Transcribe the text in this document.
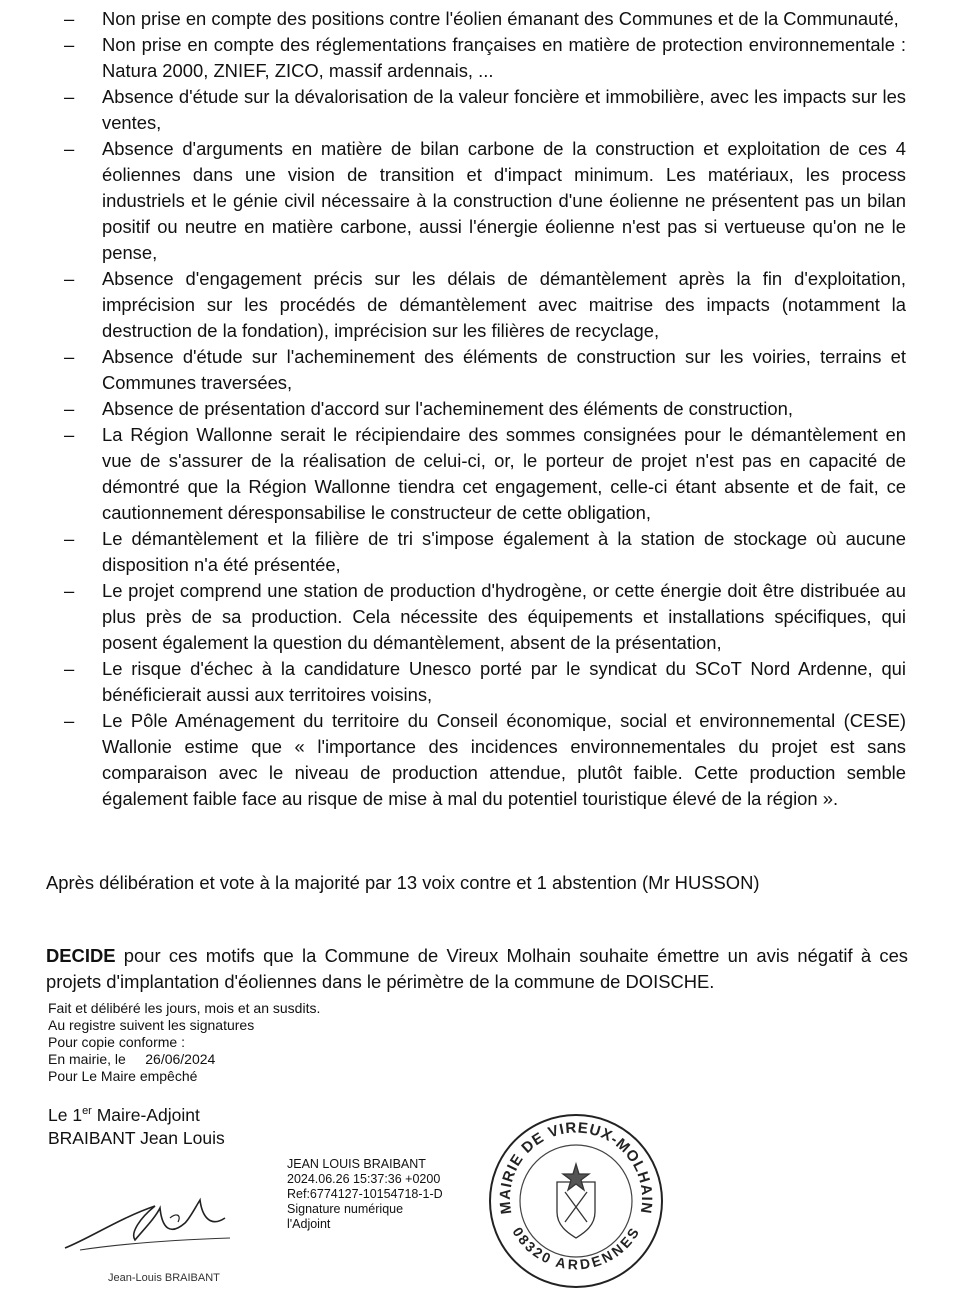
–	Non prise en compte des positions contre l'éolien émanant des Communes et de la Communauté,
–	Non prise en compte des réglementations françaises en matière de protection environnementale : Natura 2000, ZNIEF, ZICO, massif ardennais, ...
–	Absence d'étude sur la dévalorisation de la valeur foncière et immobilière, avec les impacts sur les ventes,
–	Absence d'arguments en matière de bilan carbone de la construction et exploitation de ces 4 éoliennes dans une vision de transition et d'impact minimum. Les matériaux, les process industriels et le génie civil nécessaire à la construction d'une éolienne ne présentent pas un bilan positif ou neutre en matière carbone, aussi l'énergie éolienne n'est pas si vertueuse qu'on ne le pense,
–	Absence d'engagement précis sur les délais de démantèlement après la fin d'exploitation, imprécision sur les procédés de démantèlement avec maitrise des impacts (notamment la destruction de la fondation), imprécision sur les filières de recyclage,
–	Absence d'étude sur l'acheminement des éléments de construction sur les voiries, terrains et Communes traversées,
–	Absence de présentation d'accord sur l'acheminement des éléments de construction,
–	La Région Wallonne serait le récipiendaire des sommes consignées pour le démantèlement en vue de s'assurer de la réalisation de celui-ci, or, le porteur de projet n'est pas en capacité de démontré que la Région Wallonne tiendra cet engagement, celle-ci étant absente et de fait, ce cautionnement déresponsabilise le constructeur de cette obligation,
–	Le démantèlement et la filière de tri s'impose également à la station de stockage où aucune disposition n'a été présentée,
–	Le projet comprend une station de production d'hydrogène, or cette énergie doit être distribuée au plus près de sa production. Cela nécessite des équipements et installations spécifiques, qui posent également la question du démantèlement, absent de la présentation,
–	Le risque d'échec à la candidature Unesco porté par le syndicat du SCoT Nord Ardenne, qui bénéficierait aussi aux territoires voisins,
–	Le Pôle Aménagement du territoire du Conseil économique, social et environnemental (CESE) Wallonie estime que « l'importance des incidences environnementales du projet est sans comparaison avec le niveau de production attendue, plutôt faible. Cette production semble également faible face au risque de mise à mal du potentiel touristique élevé de la région ».
Après délibération et vote à la majorité par 13 voix contre et 1 abstention (Mr HUSSON)

DECIDE pour ces motifs que la Commune de Vireux Molhain souhaite émettre un avis négatif à ces projets d'implantation d'éoliennes dans le périmètre de la commune de DOISCHE.

Fait et délibéré les jours, mois et an susdits.
Au registre suivent les signatures
Pour copie conforme :
En mairie, le     26/06/2024
Pour Le Maire empêché
Le 1er Maire-Adjoint
BRAIBANT Jean Louis
Jean-Louis BRAIBANT
JEAN LOUIS BRAIBANT
2024.06.26 15:37:36 +0200
Ref:6774127-10154718-1-D
Signature numérique
l'Adjoint
MAIRIE DE VIREUX-MOLHAIN
08320 ARDENNES
